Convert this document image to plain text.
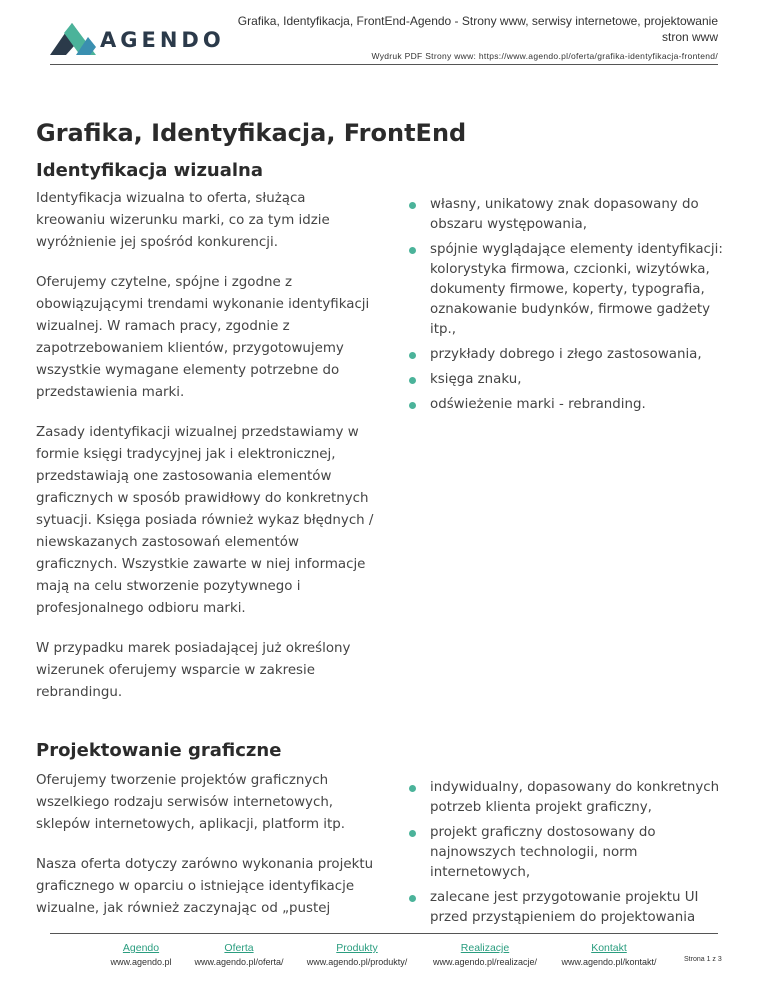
AGENDO
Grafika, Identyfikacja, FrontEnd-Agendo - Strony www, serwisy internetowe, projektowanie stron www
Wydruk PDF Strony www: https://www.agendo.pl/oferta/grafika-identyfikacja-frontend/
Grafika, Identyfikacja, FrontEnd
Identyfikacja wizualna

Identyfikacja wizualna to oferta, służąca kreowaniu wizerunku marki, co za tym idzie wyróżnienie jej spośród konkurencji.

Oferujemy czytelne, spójne i zgodne z obowiązującymi trendami wykonanie identyfikacji wizualnej. W ramach pracy, zgodnie z zapotrzebowaniem klientów, przygotowujemy wszystkie wymagane elementy potrzebne do przedstawienia marki.

Zasady identyfikacji wizualnej przedstawiamy w formie księgi tradycyjnej jak i elektronicznej, przedstawiają one zastosowania elementów graficznych w sposób prawidłowy do konkretnych sytuacji. Księga posiada również wykaz błędnych / niewskazanych zastosowań elementów graficznych. Wszystkie zawarte w niej informacje mają na celu stworzenie pozytywnego i profesjonalnego odbioru marki.

W przypadku marek posiadającej już określony wizerunek oferujemy wsparcie w zakresie rebrandingu.

własny, unikatowy znak dopasowany do obszaru występowania,
spójnie wyglądające elementy identyfikacji: kolorystyka firmowa, czcionki, wizytówka, dokumenty firmowe, koperty, typografia, oznakowanie budynków, firmowe gadżety itp.,
przykłady dobrego i złego zastosowania,
księga znaku,
odświeżenie marki - rebranding.
Projektowanie graficzne

Oferujemy tworzenie projektów graficznych wszelkiego rodzaju serwisów internetowych, sklepów internetowych, aplikacji, platform itp.

Nasza oferta dotyczy zarówno wykonania projektu graficznego w oparciu o istniejące identyfikacje wizualne, jak również zaczynając od „pustej

indywidualny, dopasowany do konkretnych potrzeb klienta projekt graficzny,
projekt graficzny dostosowany do najnowszych technologii, norm internetowych,
zalecane jest przygotowanie projektu UI przed przystąpieniem do projektowania
Agendo
www.agendo.pl
Oferta
www.agendo.pl/oferta/
Produkty
www.agendo.pl/produkty/
Realizacje
www.agendo.pl/realizacje/
Kontakt
www.agendo.pl/kontakt/	Strona 1 z 3
